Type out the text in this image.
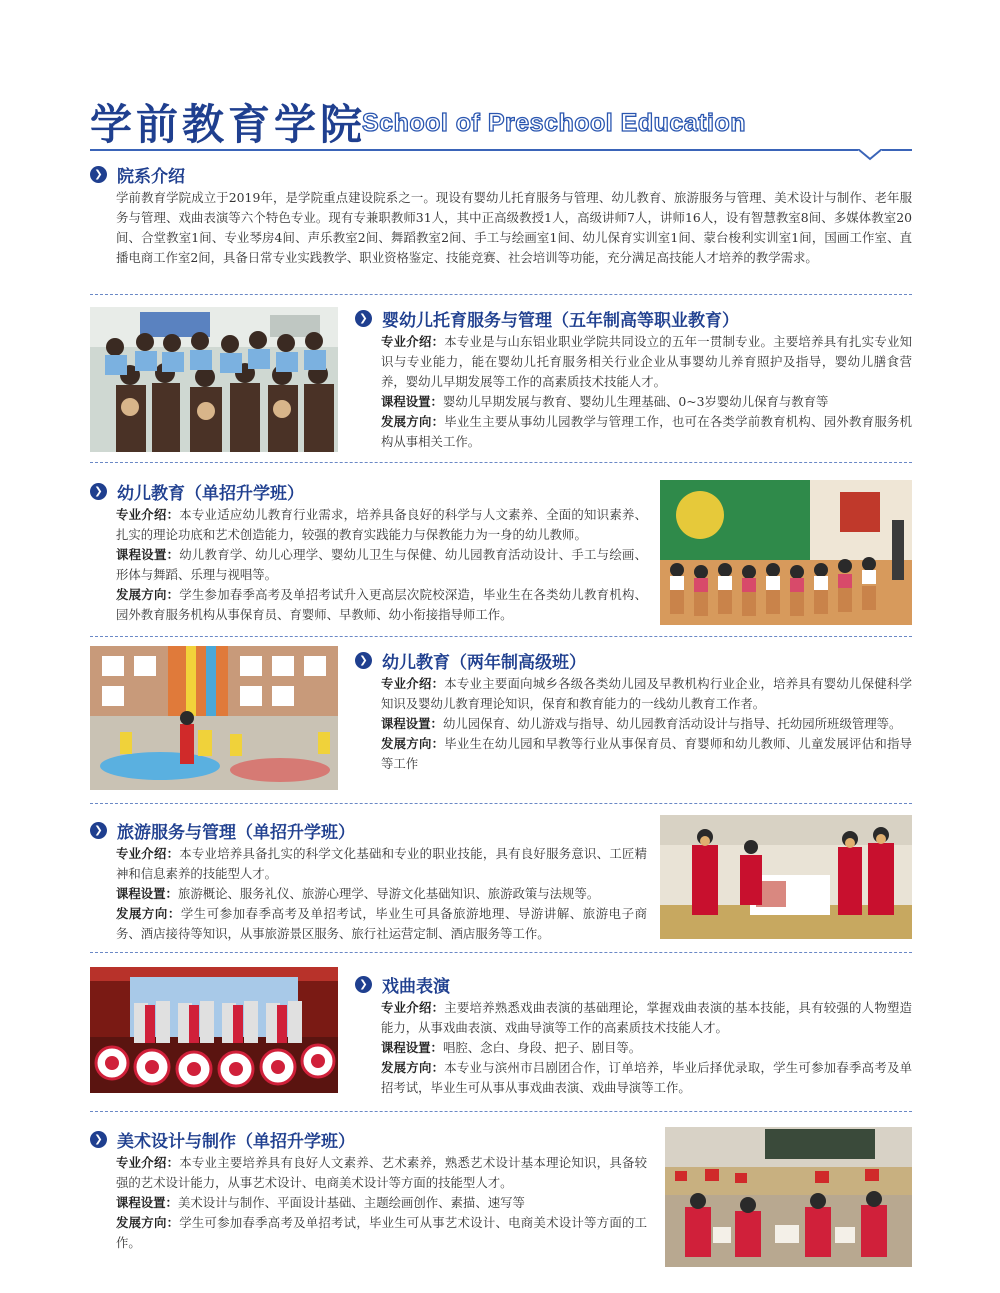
学前教育学院
School of Preschool Education
❯ 院系介绍

学前教育学院成立于2019年，是学院重点建设院系之一。现设有婴幼儿托育服务与管理、幼儿教育、旅游服务与管理、美术设计与制作、老年服务与管理、戏曲表演等六个特色专业。现有专兼职教师31人，其中正高级教授1人，高级讲师7人，讲师16人，设有智慧教室8间、多媒体教室20间、合堂教室1间、专业琴房4间、声乐教室2间、舞蹈教室2间、手工与绘画室1间、幼儿保育实训室1间、蒙台梭利实训室1间，国画工作室、直播电商工作室2间，具备日常专业实践教学、职业资格鉴定、技能竞赛、社会培训等功能，充分满足高技能人才培养的教学需求。

❯ 婴幼儿托育服务与管理（五年制高等职业教育）

专业介绍：本专业是与山东铝业职业学院共同设立的五年一贯制专业。主要培养具有扎实专业知识与专业能力，能在婴幼儿托育服务相关行业企业从事婴幼儿养育照护及指导，婴幼儿膳食营养，婴幼儿早期发展等工作的高素质技术技能人才。

课程设置：婴幼儿早期发展与教育、婴幼儿生理基础、0~3岁婴幼儿保育与教育等

发展方向：毕业生主要从事幼儿园教学与管理工作，也可在各类学前教育机构、园外教育服务机构从事相关工作。

❯ 幼儿教育（单招升学班）

专业介绍：本专业适应幼儿教育行业需求，培养具备良好的科学与人文素养、全面的知识素养、扎实的理论功底和艺术创造能力，较强的教育实践能力与保教能力为一身的幼儿教师。

课程设置：幼儿教育学、幼儿心理学、婴幼儿卫生与保健、幼儿园教育活动设计、手工与绘画、形体与舞蹈、乐理与视唱等。

发展方向：学生参加春季高考及单招考试升入更高层次院校深造，毕业生在各类幼儿教育机构、园外教育服务机构从事保育员、育婴师、早教师、幼小衔接指导师工作。

❯ 幼儿教育（两年制高级班）

专业介绍：本专业主要面向城乡各级各类幼儿园及早教机构行业企业，培养具有婴幼儿保健科学知识及婴幼儿教育理论知识，保育和教育能力的一线幼儿教育工作者。

课程设置：幼儿园保育、幼儿游戏与指导、幼儿园教育活动设计与指导、托幼园所班级管理等。

发展方向：毕业生在幼儿园和早教等行业从事保育员、育婴师和幼儿教师、儿童发展评估和指导等工作

❯ 旅游服务与管理（单招升学班）

专业介绍：本专业培养具备扎实的科学文化基础和专业的职业技能，具有良好服务意识、工匠精神和信息素养的技能型人才。

课程设置：旅游概论、服务礼仪、旅游心理学、导游文化基础知识、旅游政策与法规等。

发展方向：学生可参加春季高考及单招考试，毕业生可具备旅游地理、导游讲解、旅游电子商务、酒店接待等知识，从事旅游景区服务、旅行社运营定制、酒店服务等工作。

❯ 戏曲表演

专业介绍：主要培养熟悉戏曲表演的基础理论，掌握戏曲表演的基本技能，具有较强的人物塑造能力，从事戏曲表演、戏曲导演等工作的高素质技术技能人才。

课程设置：唱腔、念白、身段、把子、剧目等。

发展方向：本专业与滨州市吕剧团合作，订单培养，毕业后择优录取，学生可参加春季高考及单招考试，毕业生可从事从事戏曲表演、戏曲导演等工作。

❯ 美术设计与制作（单招升学班）

专业介绍：本专业主要培养具有良好人文素养、艺术素养，熟悉艺术设计基本理论知识，具备较强的艺术设计能力，从事艺术设计、电商美术设计等方面的技能型人才。

课程设置：美术设计与制作、平面设计基础、主题绘画创作、素描、速写等

发展方向：学生可参加春季高考及单招考试，毕业生可从事艺术设计、电商美术设计等方面的工作。
